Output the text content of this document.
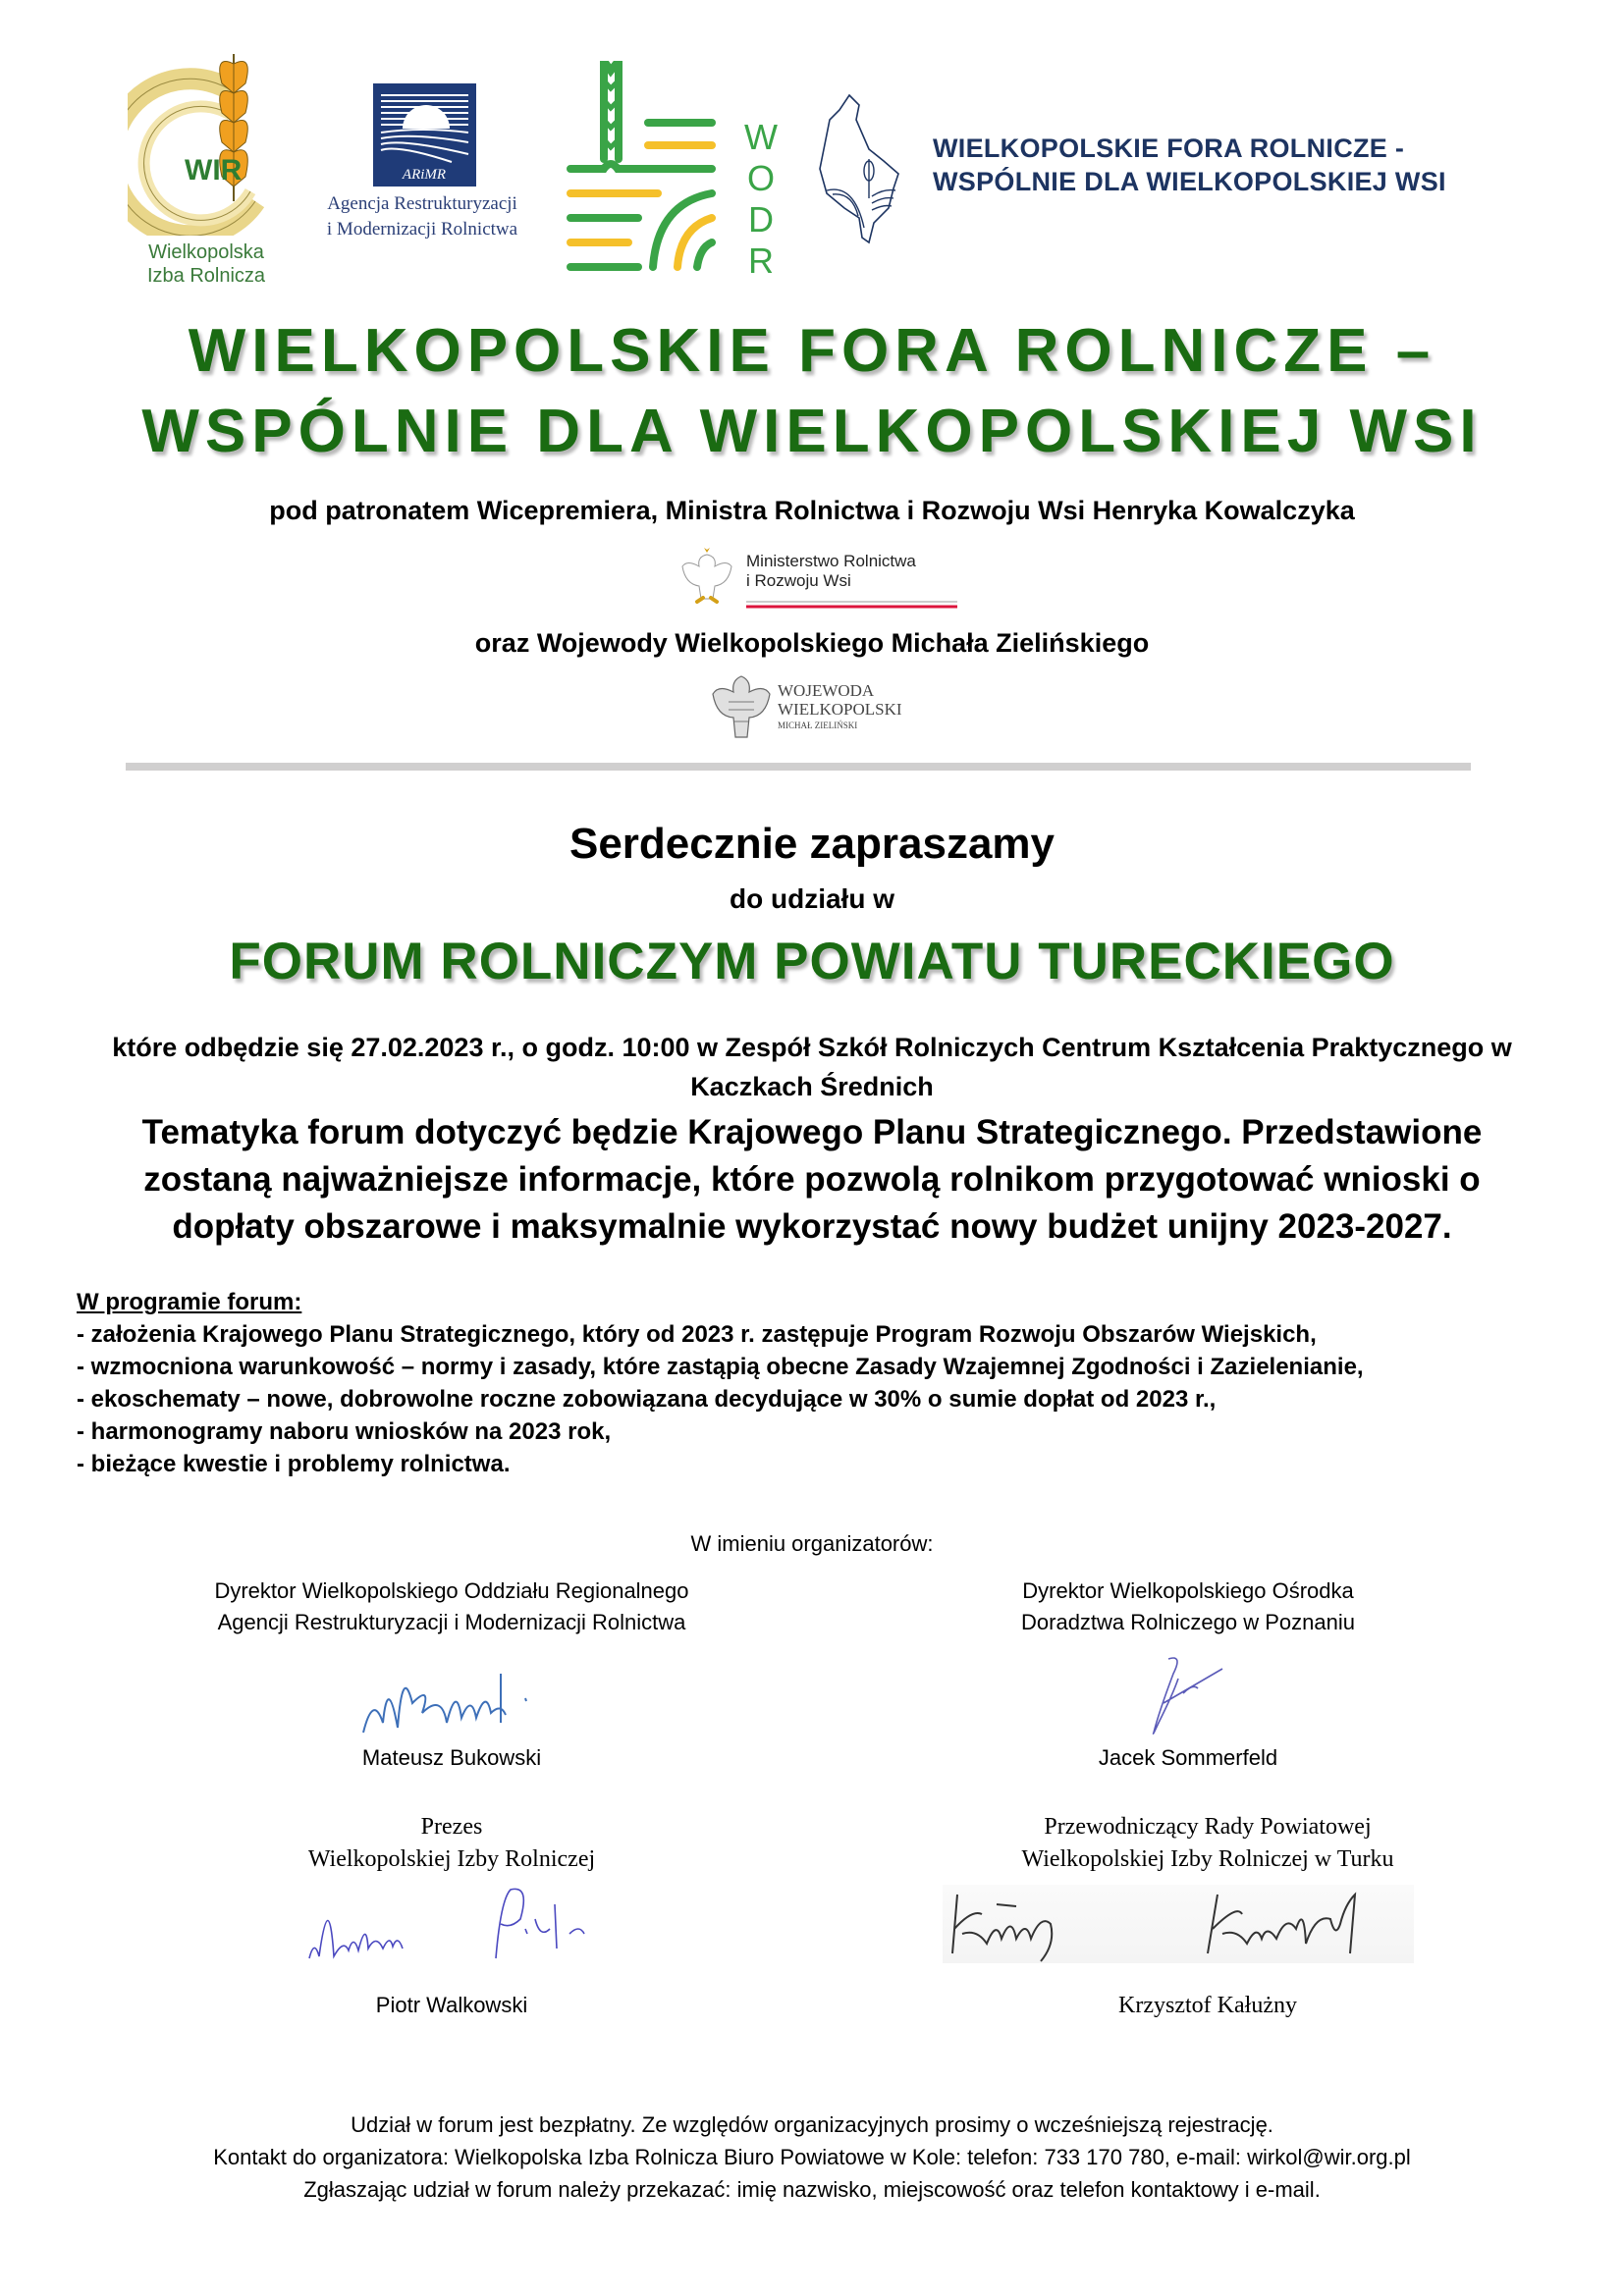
WIR
Wielkopolska
Izba Rolnicza
ARiMR
Agencja Restrukturyzacji
i Modernizacji Rolnictwa
W
O
D
R
WIELKOPOLSKIE FORA ROLNICZE -
WSPÓLNIE DLA WIELKOPOLSKIEJ WSI
WIELKOPOLSKIE FORA ROLNICZE –
WSPÓLNIE DLA WIELKOPOLSKIEJ WSI
pod patronatem Wicepremiera, Ministra Rolnictwa i Rozwoju Wsi Henryka Kowalczyka
Ministerstwo Rolnictwa
i Rozwoju Wsi
oraz Wojewody Wielkopolskiego Michała Zielińskiego
WOJEWODA
WIELKOPOLSKI
MICHAŁ ZIELIŃSKI
Serdecznie zapraszamy
do udziału w
FORUM ROLNICZYM POWIATU TURECKIEGO
które odbędzie się 27.02.2023 r., o godz. 10:00 w Zespół Szkół Rolniczych Centrum Kształcenia Praktycznego w
Kaczkach Średnich
Tematyka forum dotyczyć będzie Krajowego Planu Strategicznego. Przedstawione
zostaną najważniejsze informacje, które pozwolą rolnikom przygotować wnioski o
dopłaty obszarowe i maksymalnie wykorzystać nowy budżet unijny 2023-2027.
W programie forum:
- założenia Krajowego Planu Strategicznego, który od 2023 r. zastępuje Program Rozwoju Obszarów Wiejskich,
- wzmocniona warunkowość – normy i zasady, które zastąpią obecne Zasady Wzajemnej Zgodności i Zazielenianie,
- ekoschematy – nowe, dobrowolne roczne zobowiązana decydujące w 30% o sumie dopłat od 2023 r.,
- harmonogramy naboru wniosków na 2023 rok,
- bieżące kwestie i problemy rolnictwa.
W imieniu organizatorów:
Dyrektor Wielkopolskiego Oddziału Regionalnego
Agencji Restrukturyzacji i Modernizacji Rolnictwa
Dyrektor Wielkopolskiego Ośrodka
Doradztwa Rolniczego w Poznaniu
Mateusz Bukowski	Jacek Sommerfeld
Prezes
Wielkopolskiej Izby Rolniczej
Przewodniczący Rady Powiatowej
Wielkopolskiej Izby Rolniczej w Turku
Piotr Walkowski	Krzysztof Kałużny
Udział w forum jest bezpłatny. Ze względów organizacyjnych prosimy o wcześniejszą rejestrację.
Kontakt do organizatora: Wielkopolska Izba Rolnicza Biuro Powiatowe w Kole: telefon: 733 170 780, e-mail: wirkol@wir.org.pl
Zgłaszając udział w forum należy przekazać: imię nazwisko, miejscowość oraz telefon kontaktowy i e-mail.
